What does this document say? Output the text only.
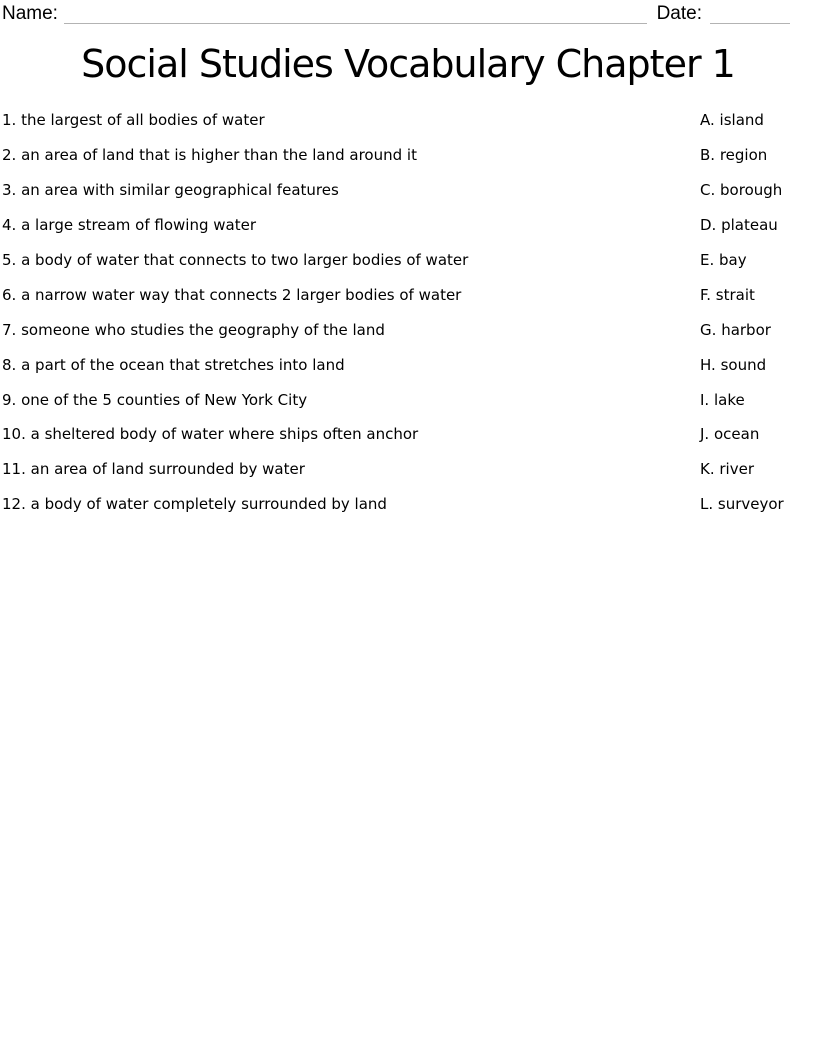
Name:	Date:
Social Studies Vocabulary Chapter 1
1. the largest of all bodies of water	A. island
2. an area of land that is higher than the land around it	B. region
3. an area with similar geographical features	C. borough
4. a large stream of flowing water	D. plateau
5. a body of water that connects to two larger bodies of water	E. bay
6. a narrow water way that connects 2 larger bodies of water	F. strait
7. someone who studies the geography of the land	G. harbor
8. a part of the ocean that stretches into land	H. sound
9. one of the 5 counties of New York City	I. lake
10. a sheltered body of water where ships often anchor	J. ocean
11. an area of land surrounded by water	K. river
12. a body of water completely surrounded by land	L. surveyor
